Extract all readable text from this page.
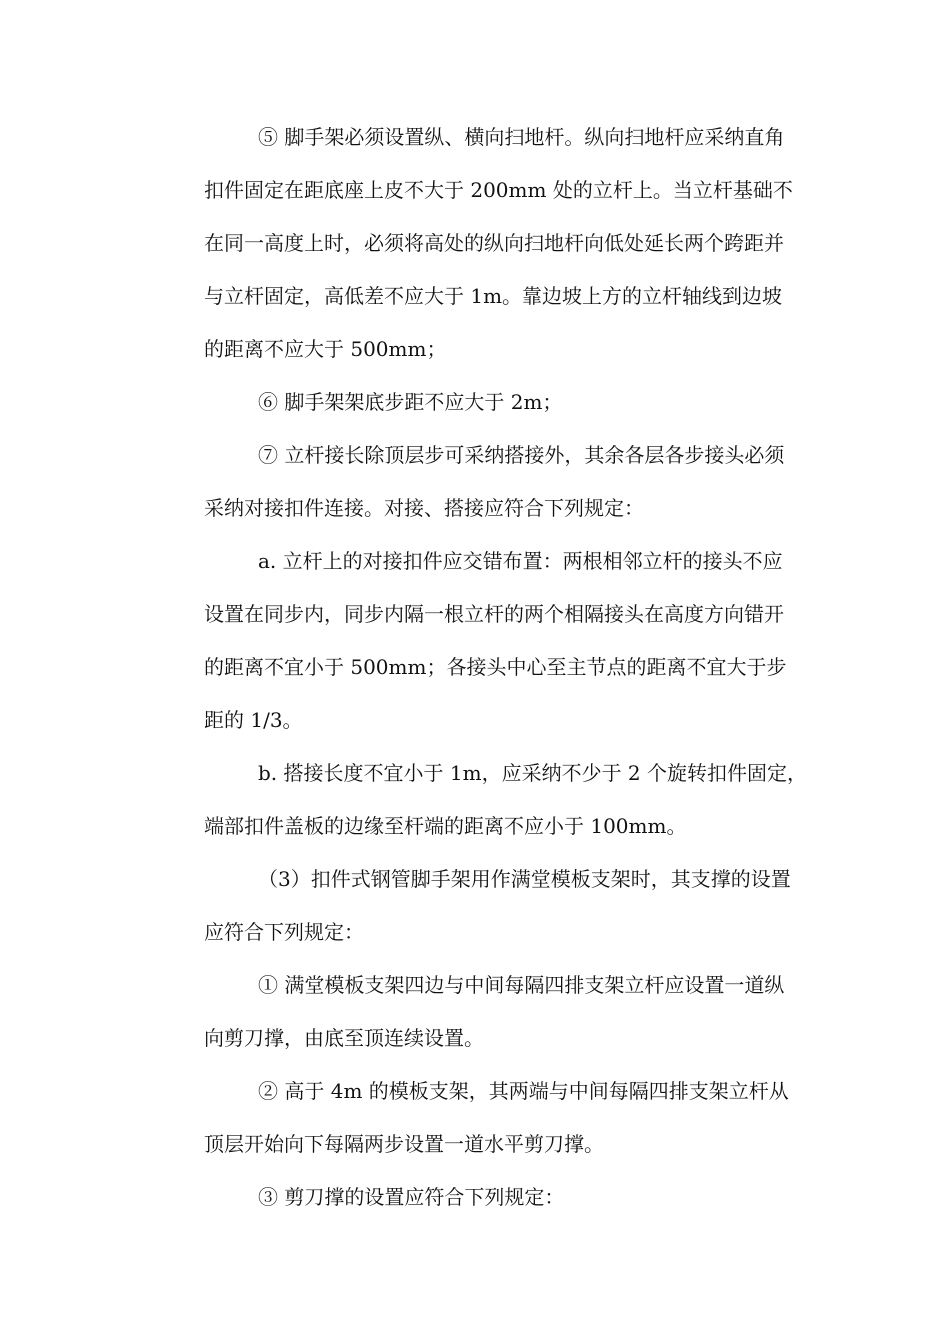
⑤ 脚手架必须设置纵、横向扫地杆。纵向扫地杆应采纳直角
扣件固定在距底座上皮不大于 200mm 处的立杆上。当立杆基础不
在同一高度上时，必须将高处的纵向扫地杆向低处延长两个跨距并
与立杆固定，高低差不应大于 1m。靠边坡上方的立杆轴线到边坡
的距离不应大于 500mm；
⑥ 脚手架架底步距不应大于 2m；
⑦ 立杆接长除顶层步可采纳搭接外，其余各层各步接头必须
采纳对接扣件连接。对接、搭接应符合下列规定：
a. 立杆上的对接扣件应交错布置：两根相邻立杆的接头不应
设置在同步内，同步内隔一根立杆的两个相隔接头在高度方向错开
的距离不宜小于 500mm；各接头中心至主节点的距离不宜大于步
距的 1/3。
b. 搭接长度不宜小于 1m，应采纳不少于 2 个旋转扣件固定，
端部扣件盖板的边缘至杆端的距离不应小于 100mm。
（3）扣件式钢管脚手架用作满堂模板支架时，其支撑的设置
应符合下列规定：
① 满堂模板支架四边与中间每隔四排支架立杆应设置一道纵
向剪刀撑，由底至顶连续设置。
② 高于 4m 的模板支架，其两端与中间每隔四排支架立杆从
顶层开始向下每隔两步设置一道水平剪刀撑。
③ 剪刀撑的设置应符合下列规定：
